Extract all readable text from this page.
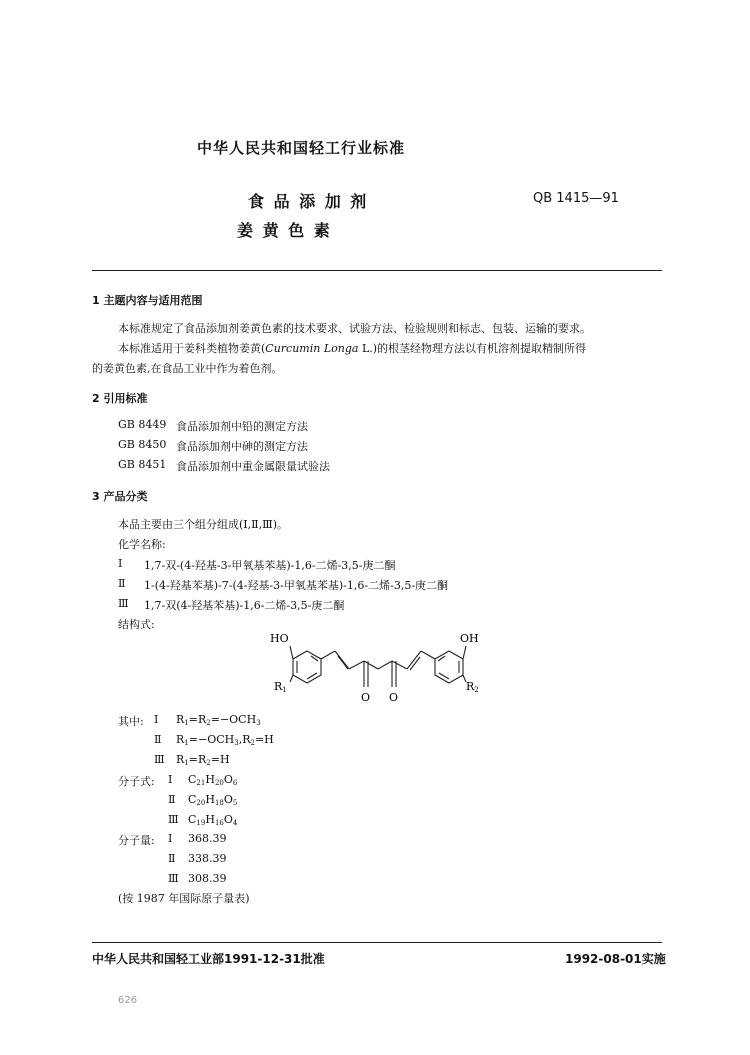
中华人民共和国轻工行业标准
食 品 添 加 剂
姜 黄 色 素
QB 1415—91
1 主题内容与适用范围
本标准规定了食品添加剂姜黄色素的技术要求、试验方法、检验规则和标志、包装、运输的要求。
本标准适用于姜科类植物姜黄(Curcumin Longa L.)的根茎经物理方法以有机溶剂提取精制所得
的姜黄色素,在食品工业中作为着色剂。
2 引用标准
GB 8449 食品添加剂中铅的测定方法
GB 8450 食品添加剂中砷的测定方法
GB 8451 食品添加剂中重金属限量试验法
3 产品分类
本品主要由三个组分组成(Ⅰ,Ⅱ,Ⅲ)。
化学名称:
Ⅰ 1,7-双-(4-羟基-3-甲氧基苯基)-1,6-二烯-3,5-庚二酮
Ⅱ 1-(4-羟基苯基)-7-(4-羟基-3-甲氧基苯基)-1,6-二烯-3,5-庚二酮
Ⅲ 1,7-双(4-羟基苯基)-1,6-二烯-3,5-庚二酮
结构式:
HO	OH
R1	R2
O O
其中: Ⅰ $R_1=R_2=-OCH_3$
Ⅱ $R_1=-OCH_3,R_2=H$
Ⅲ $R_1=R_2=H$
分子式: Ⅰ $C_{21}H_{20}O_6$
Ⅱ $C_{20}H_{18}O_5$
Ⅲ $C_{19}H_{16}O_4$
分子量: Ⅰ 368.39
Ⅱ 338.39
Ⅲ 308.39
(按 1987 年国际原子量表)
中华人民共和国轻工业部1991-12-31批准	1992-08-01实施
626
